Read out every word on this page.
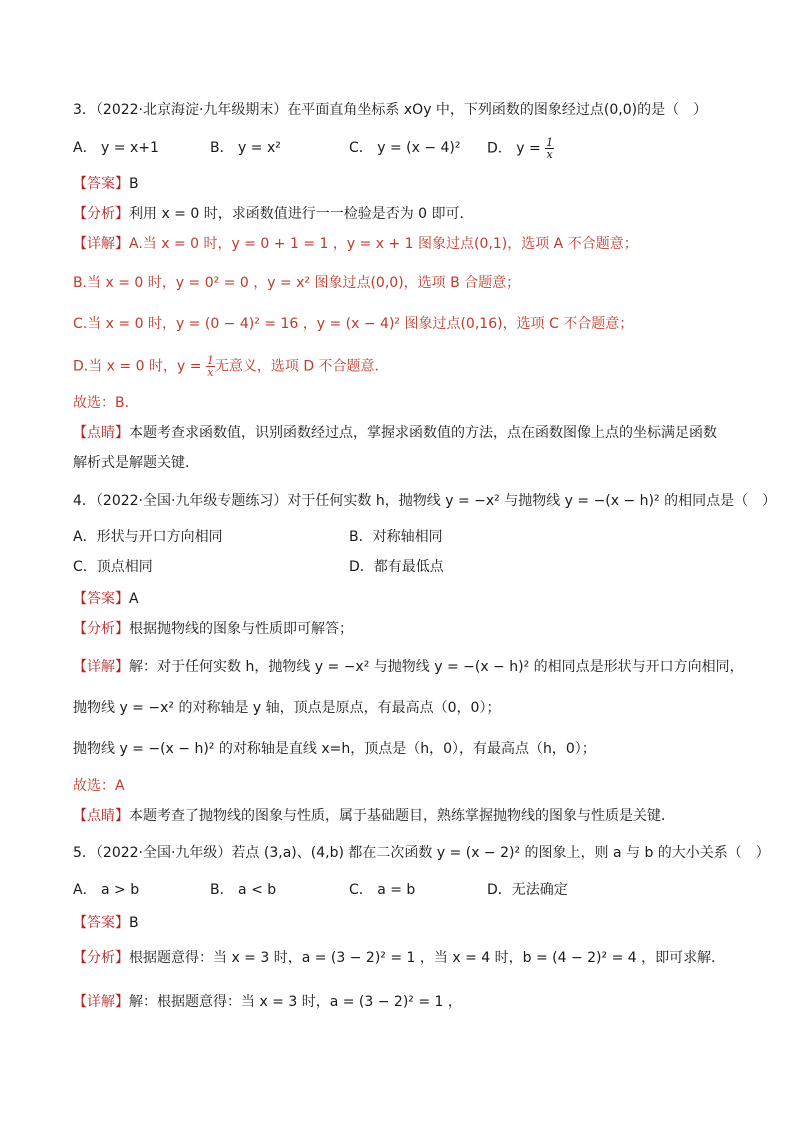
3．（2022·北京海淀·九年级期末）在平面直角坐标系 xOy 中，下列函数的图象经过点(0,0)的是（　）
A． y = x+1	B． y = x²	C． y = (x − 4)² D． $y = \frac{1}{x}$
【答案】B
【分析】利用 x = 0 时，求函数值进行一一检验是否为 0 即可．
【详解】A.当 x = 0 时，y = 0 + 1 = 1 ，y = x + 1 图象过点(0,1)，选项 A 不合题意；
B.当 x = 0 时，y = 0² = 0 ，y = x² 图象过点(0,0)，选项 B 合题意；
C.当 x = 0 时，y = (0 − 4)² = 16 ，y = (x − 4)² 图象过点(0,16)，选项 C 不合题意；
D.当 x = 0 时，$y = \frac{1}{x}$ 无意义，选项 D 不合题意．
故选：B．
【点睛】本题考查求函数值，识别函数经过点，掌握求函数值的方法，点在函数图像上点的坐标满足函数
解析式是解题关键．
4．（2022·全国·九年级专题练习）对于任何实数 h，抛物线 y = −x² 与抛物线 y = −(x − h)² 的相同点是（　）
A．形状与开口方向相同	B．对称轴相同
C．顶点相同	D．都有最低点
【答案】A
【分析】根据抛物线的图象与性质即可解答；
【详解】解：对于任何实数 h，抛物线 y = −x² 与抛物线 y = −(x − h)² 的相同点是形状与开口方向相同，
抛物线 y = −x² 的对称轴是 y 轴，顶点是原点，有最高点（0，0）；
抛物线 y = −(x − h)² 的对称轴是直线 x=h，顶点是（h，0），有最高点（h，0）；
故选：A
【点睛】本题考查了抛物线的图象与性质，属于基础题目，熟练掌握抛物线的图象与性质是关键．
5．（2022·全国·九年级）若点 (3,a)、(4,b) 都在二次函数 y = (x − 2)² 的图象上，则 a 与 b 的大小关系（　）
A． a > b	B． a < b	C． a = b	D．无法确定
【答案】B
【分析】根据题意得：当 x = 3 时，a = (3 − 2)² = 1 ，当 x = 4 时，b = (4 − 2)² = 4 ，即可求解．
【详解】解：根据题意得：当 x = 3 时，a = (3 − 2)² = 1 ，
